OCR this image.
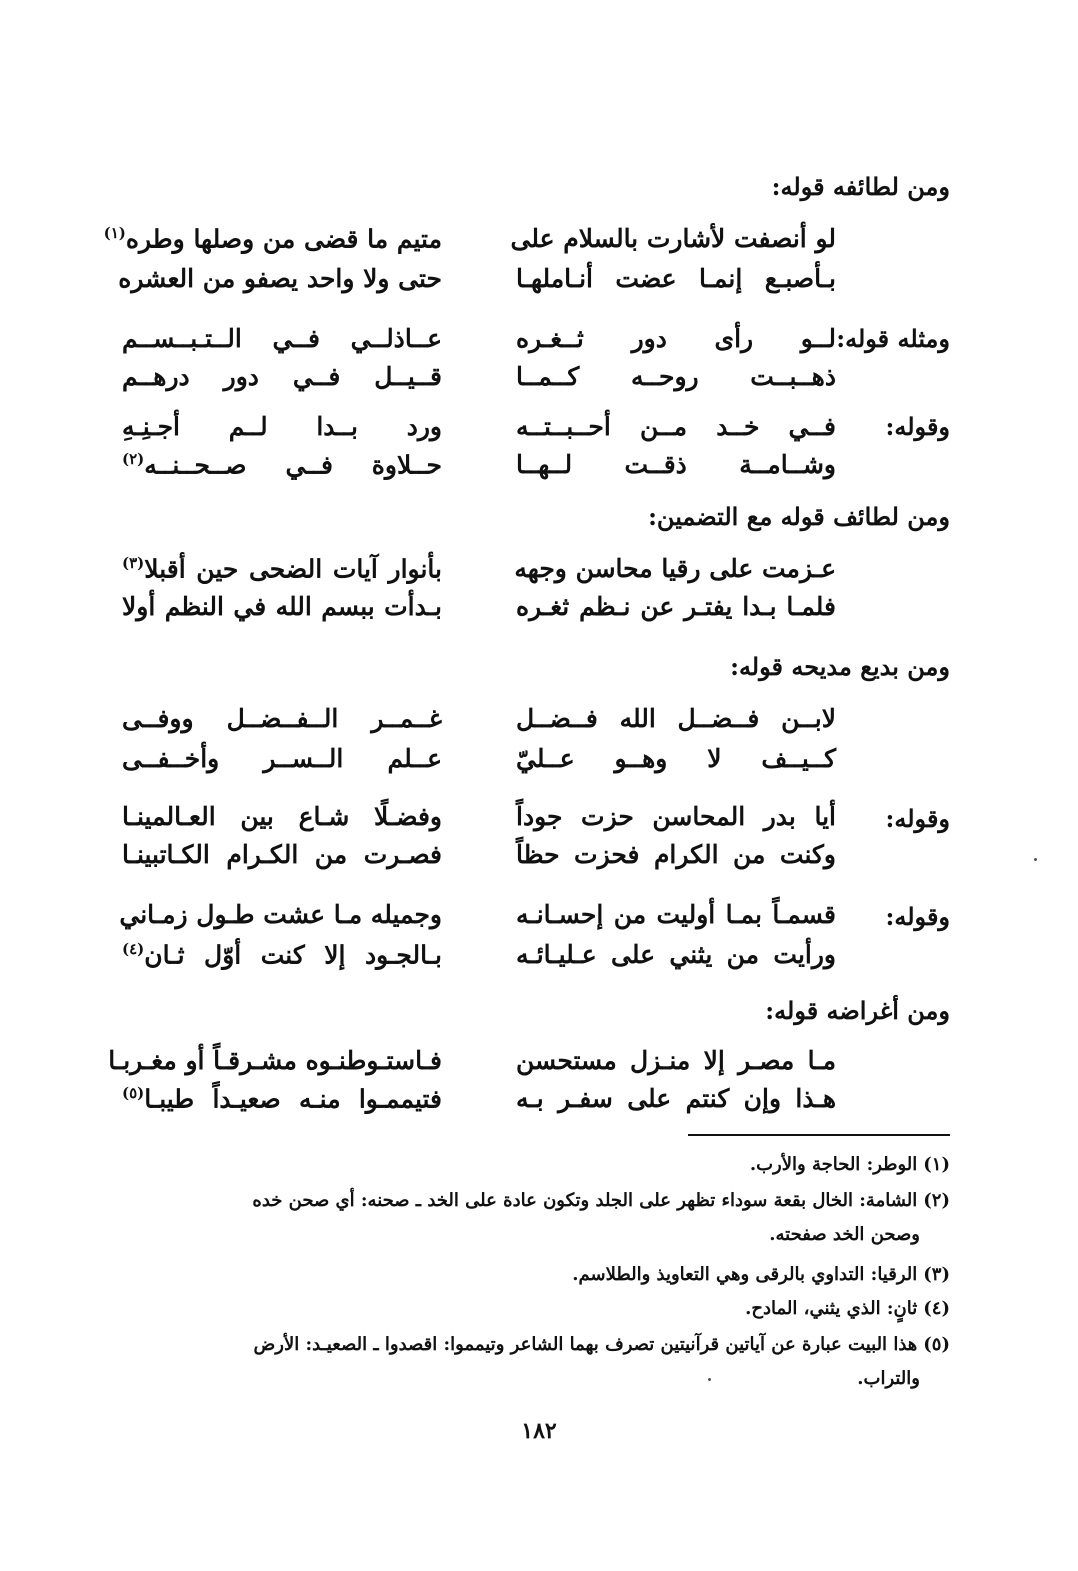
ومن لطائفه قوله:
لو أنصفت لأشارت بالسلام على
متيم ما قضى من وصلها وطره$^{(١)}$
بـأصبـع إنمـا عضت أنـاملهـا
حتى ولا واحد يصفو من العشره
ومثله قوله:
لــو رأى دور ثــغـره
عــاذلــي فــي الــتـبــســم
ذهــبــت روحــه كــمــا
قــيــل فــي دور درهــم
وقوله:
فــي خــد مــن أحــبــتــه
ورد بــدا لــم أجـنِـهِ
وشــامــة ذقــت لــهــا
حــلاوة فــي صــحــنــه$^{(٢)}$
ومن لطائف قوله مع التضمين:
عـزمت على رقيا محاسن وجهه
بأنوار آيات الضحى حين أقبلا$^{(٣)}$
فلمـا بـدا يفتـر عن نـظم ثغـره
بـدأت ببسم الله في النظم أولا
ومن بديع مديحه قوله:
لابــن فــضــل الله فــضــل
غــمــر الــفــضــل ووفــى
كــيــف لا وهــو عــليّ
عــلم الــســر وأخــفــى
وقوله:
أيا بدر المحاسن حزت جوداً
وفضـلًا شـاع بين العـالمينـا
وكنت من الكرام فحزت حظاً
فصـرت من الكـرام الكـاتبينـا
وقوله:
قسمـاً بمـا أوليت من إحسـانـه
وجميله مـا عشت طـول زمـاني
ورأيت من يثني على عـليـائـه
بـالجـود إلا كنت أوّل ثـان$^{(٤)}$
ومن أغراضه قوله:
مـا مصـر إلا منـزل مستحسن
فـاستـوطنـوه مشـرقـاً أو مغـربـا
هـذا وإن كنتم على سفـر بـه
فتيممـوا منـه صعيـداً طيبـا$^{(٥)}$
(١)الوطر: الحاجة والأرب.
(٢)الشامة: الخال بقعة سوداء تظهر على الجلد وتكون عادة على الخد ـ صحنه: أي صحن خده
وصحن الخد صفحته.
(٣)الرقيا: التداوي بالرقى وهي التعاويذ والطلاسم.
(٤)ثانٍ: الذي يثني، المادح.
(٥)هذا البيت عبارة عن آياتين قرآنيتين تصرف بهما الشاعر وتيمموا: اقصدوا ـ الصعيـد: الأرض
والتراب.
١٨٢
